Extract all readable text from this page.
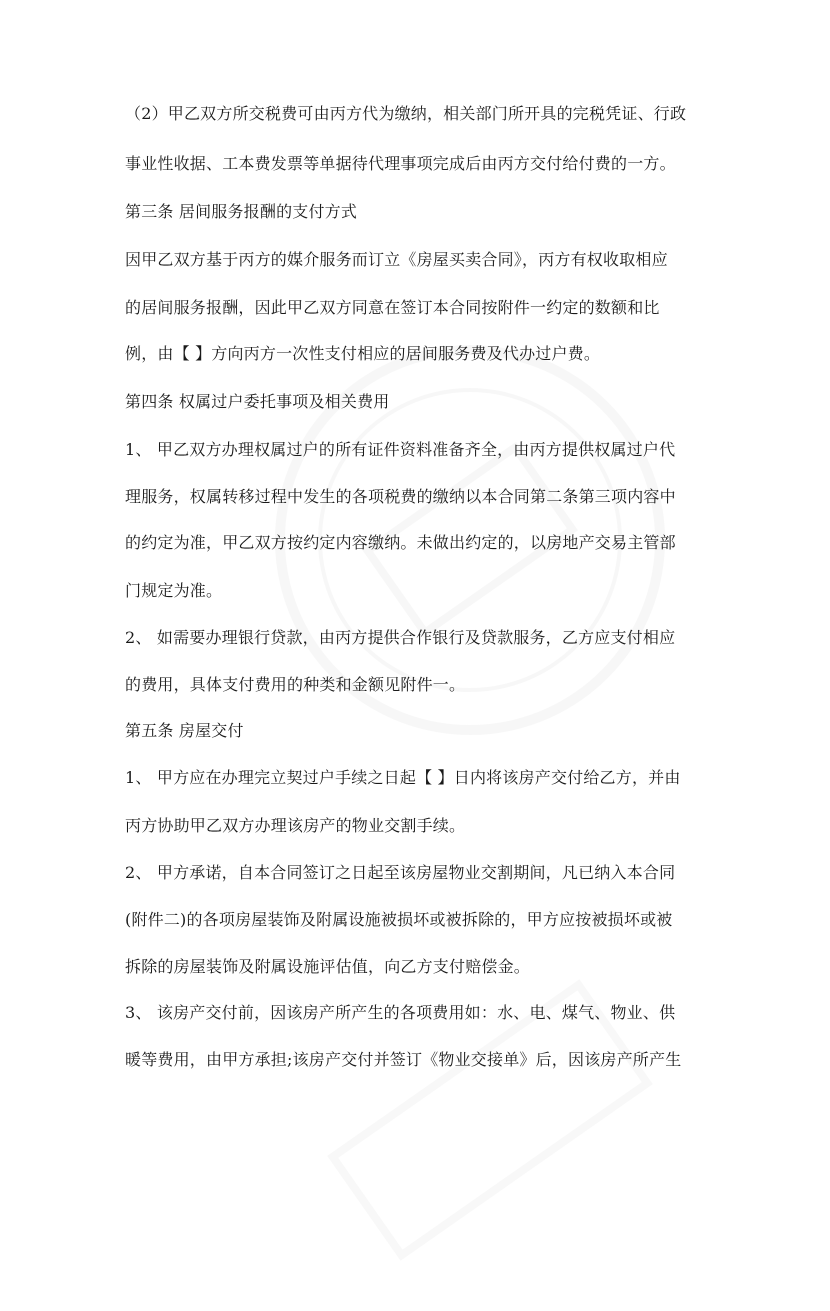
（2）甲乙双方所交税费可由丙方代为缴纳，相关部门所开具的完税凭证、行政
事业性收据、工本费发票等单据待代理事项完成后由丙方交付给付费的一方。
第三条 居间服务报酬的支付方式
因甲乙双方基于丙方的媒介服务而订立《房屋买卖合同》，丙方有权收取相应
的居间服务报酬，因此甲乙双方同意在签订本合同按附件一约定的数额和比
例，由【 】方向丙方一次性支付相应的居间服务费及代办过户费。
第四条 权属过户委托事项及相关费用
1、 甲乙双方办理权属过户的所有证件资料准备齐全，由丙方提供权属过户代
理服务，权属转移过程中发生的各项税费的缴纳以本合同第二条第三项内容中
的约定为准，甲乙双方按约定内容缴纳。未做出约定的，以房地产交易主管部
门规定为准。
2、 如需要办理银行贷款，由丙方提供合作银行及贷款服务，乙方应支付相应
的费用，具体支付费用的种类和金额见附件一。
第五条 房屋交付
1、 甲方应在办理完立契过户手续之日起【 】日内将该房产交付给乙方，并由
丙方协助甲乙双方办理该房产的物业交割手续。
2、 甲方承诺，自本合同签订之日起至该房屋物业交割期间，凡已纳入本合同
(附件二)的各项房屋装饰及附属设施被损坏或被拆除的，甲方应按被损坏或被
拆除的房屋装饰及附属设施评估值，向乙方支付赔偿金。
3、 该房产交付前，因该房产所产生的各项费用如：水、电、煤气、物业、供
暖等费用，由甲方承担;该房产交付并签订《物业交接单》后，因该房产所产生
